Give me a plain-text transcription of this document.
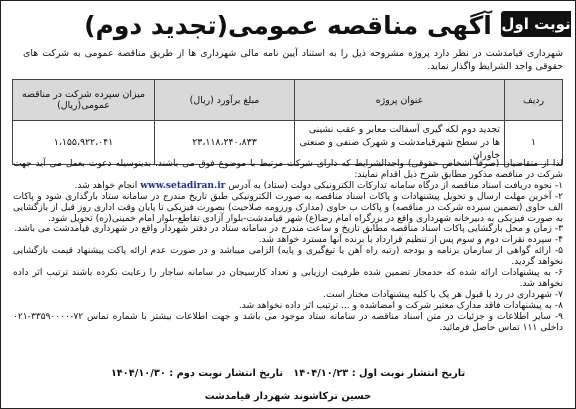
نوبت اول
آگهی مناقصه عمومی(تجدید دوم)
شهرداری قیامدشت در نظر دارد پروژه مشروحه ذیل را به استناد آیین نامه مالی شهرداری ها از طریق مناقصه عمومی به شرکت های حقوقی واجد الشرایط واگذار نماید.
ردیف	عنوان پروژه	مبلغ برآورد (ریال)	میزان سپرده شرکت در مناقصه عمومی(ریال)
۱	تجدید دوم لکه گیری آسفالت معابر و عقب نشینی ها در سطح شهرقیامدشت و شهرک صنفی و صنعتی خاوران	۲۳،۱۱۸،۲۴۰،۸۳۳	۱،۱۵۵،۹۲۲،۰۴۱
لذا از متقاضیان (صرفاً اشخاص حقوقی) واجدالشرایط که دارای شرکت مرتبط با موضوع فوق می باشند، بدینوسیله دعوت بعمل می آید جهت شرکت در مناقصه مذکور مطابق شرح ذیل اقدام نمایند:
۱- نحوه دریافت اسناد مناقصه از درگاه سامانه تدارکات الکترونیکی دولت (ستاد) به آدرس www.setadiran.ir انجام خواهد شد.
۲- آخرین مهلت ارسال و تحویل پیشنهادات و پاکات اسناد مناقصه به صورت الکترونیکی طبق تاریخ مندرج در سامانه ستاد بارگذاری شود و پاکات الف حاوی (تضمین سپرده شرکت در مناقصه) و پاکات ب حاوی (مدارک ورزومه صلاحیت) بصورت فیزیکی تا پایان وقت اداری روز قبل از بازگشایی به صورت فیزیکی به دبیرخانه شهرداری واقع در بزرگراه امام رضا(ع) شهر قیامدشت-بلوار آزادی تقاطع-بلوار امام خمینی(ره) تحویل شود.
۳- زمان و محل بازگشایی پاکات اسناد مناقصه مطابق تاریخ و ساعت مندرج در سامانه ستاد در دفتر شهردار واقع در شهرداری قیامدشت می باشد.
۴- سپرده نقرات دوم و سوم پس از تنظیم قرارداد با برنده آنها مسترد خواهد شد.
۵- ارائه گواهی از سازمان برنامه و بودجه (رتبه راه آهن یا تیغ‌گیری و پایه) الزامی میباشد و در صورت عدم ارائه پاکت پیشنهاد قیمت بازگشایی نخواهد گردید.
۶- به پیشنهادات ارائه شده که حدمجاز تضمین شده ظرفیت ارزیابی و تعداد کارسیجان در سامانه ساجار را رعایت نکرده باشند ترتیب اثر داده نخواهد شد.
۷- شهرداری در رد یا قبول هر یک یا کلیه پیشنهادات مختار است.
۸- به پیشنهادات فاقد مدارک معتبر شرکت و امضاشده و ... ترتیب اثر داده نخواهد شد.
۹- سایر اطلاعات و جزئیات در متن اسناد مناقصه در سامانه ستاد موجود می باشد و جهت اطلاعات بیشتر با شماره تماس ۷۲-۳۳۵۹۰۰۰۰-۰۲۱ داخلی ۱۱۱ تماس حاصل فرمائید.
تاریخ انتشار نوبت اول : ۱۴۰۴/۱۰/۲۳   تاریخ انتشار نوبت دوم : ۱۴۰۴/۱۰/۳۰
حسین ترکاشوند شهردار قیامدشت
